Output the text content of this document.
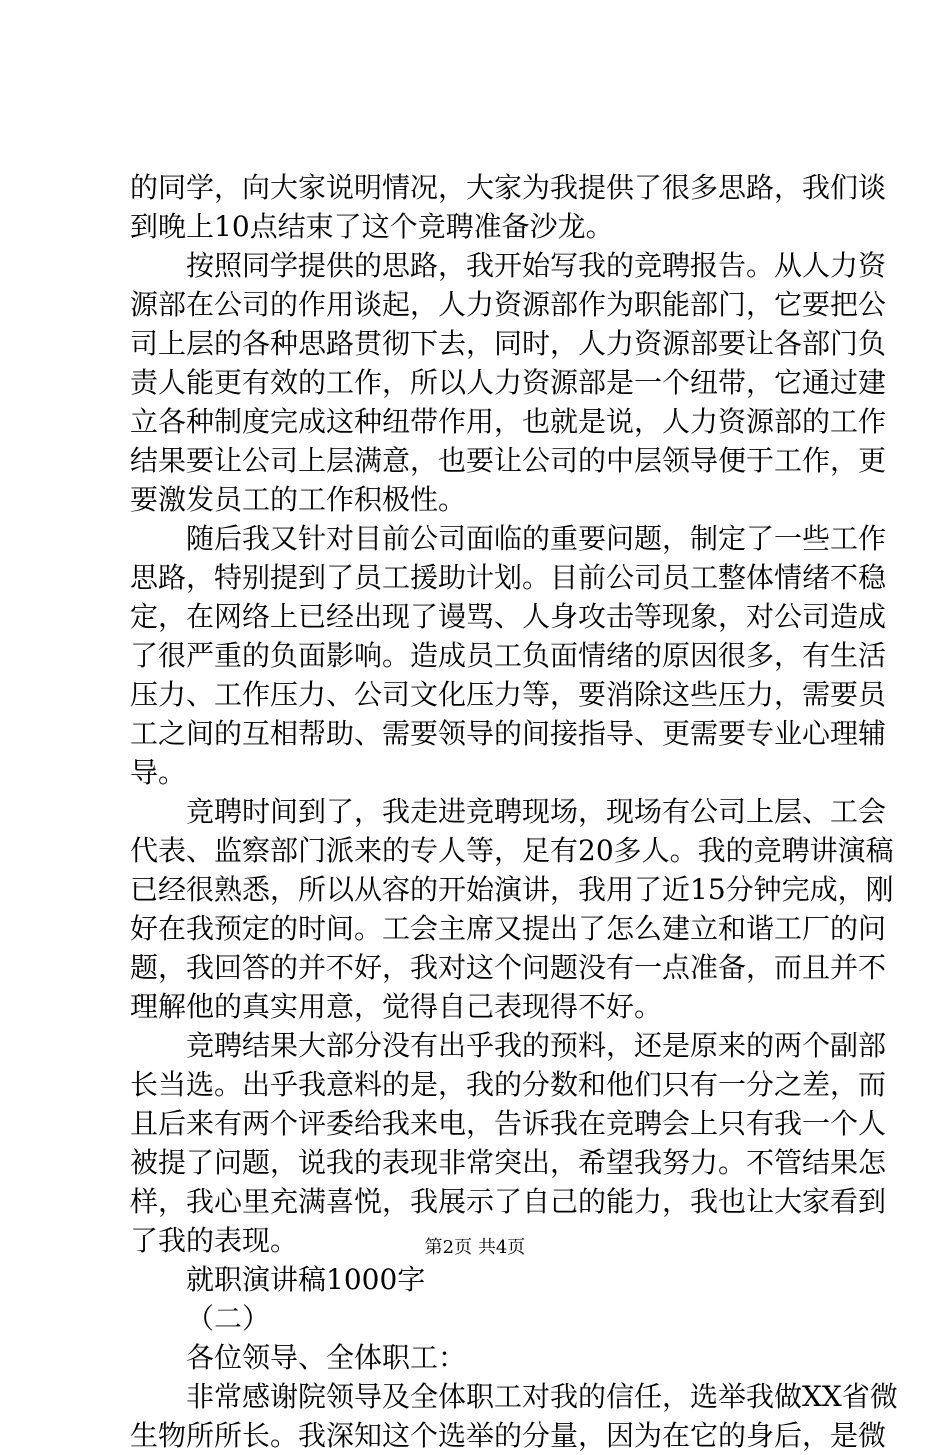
的同学，向大家说明情况，大家为我提供了很多思路，我们谈
到晚上10点结束了这个竞聘准备沙龙。
按照同学提供的思路，我开始写我的竞聘报告。从人力资
源部在公司的作用谈起，人力资源部作为职能部门，它要把公
司上层的各种思路贯彻下去，同时，人力资源部要让各部门负
责人能更有效的工作，所以人力资源部是一个纽带，它通过建
立各种制度完成这种纽带作用，也就是说，人力资源部的工作
结果要让公司上层满意，也要让公司的中层领导便于工作，更
要激发员工的工作积极性。
随后我又针对目前公司面临的重要问题，制定了一些工作
思路，特别提到了员工援助计划。目前公司员工整体情绪不稳
定，在网络上已经出现了谩骂、人身攻击等现象，对公司造成
了很严重的负面影响。造成员工负面情绪的原因很多，有生活
压力、工作压力、公司文化压力等，要消除这些压力，需要员
工之间的互相帮助、需要领导的间接指导、更需要专业心理辅
导。
竞聘时间到了，我走进竞聘现场，现场有公司上层、工会
代表、监察部门派来的专人等，足有20多人。我的竞聘讲演稿
已经很熟悉，所以从容的开始演讲，我用了近15分钟完成，刚
好在我预定的时间。工会主席又提出了怎么建立和谐工厂的问
题，我回答的并不好，我对这个问题没有一点准备，而且并不
理解他的真实用意，觉得自己表现得不好。
竞聘结果大部分没有出乎我的预料，还是原来的两个副部
长当选。出乎我意料的是，我的分数和他们只有一分之差，而
且后来有两个评委给我来电，告诉我在竞聘会上只有我一个人
被提了问题，说我的表现非常突出，希望我努力。不管结果怎
样，我心里充满喜悦，我展示了自己的能力，我也让大家看到
了我的表现。
就职演讲稿1000字
（二）
各位领导、全体职工：
非常感谢院领导及全体职工对我的信任，选举我做XX省微
生物所所长。我深知这个选举的分量，因为在它的身后，是微
第2页 共4页
